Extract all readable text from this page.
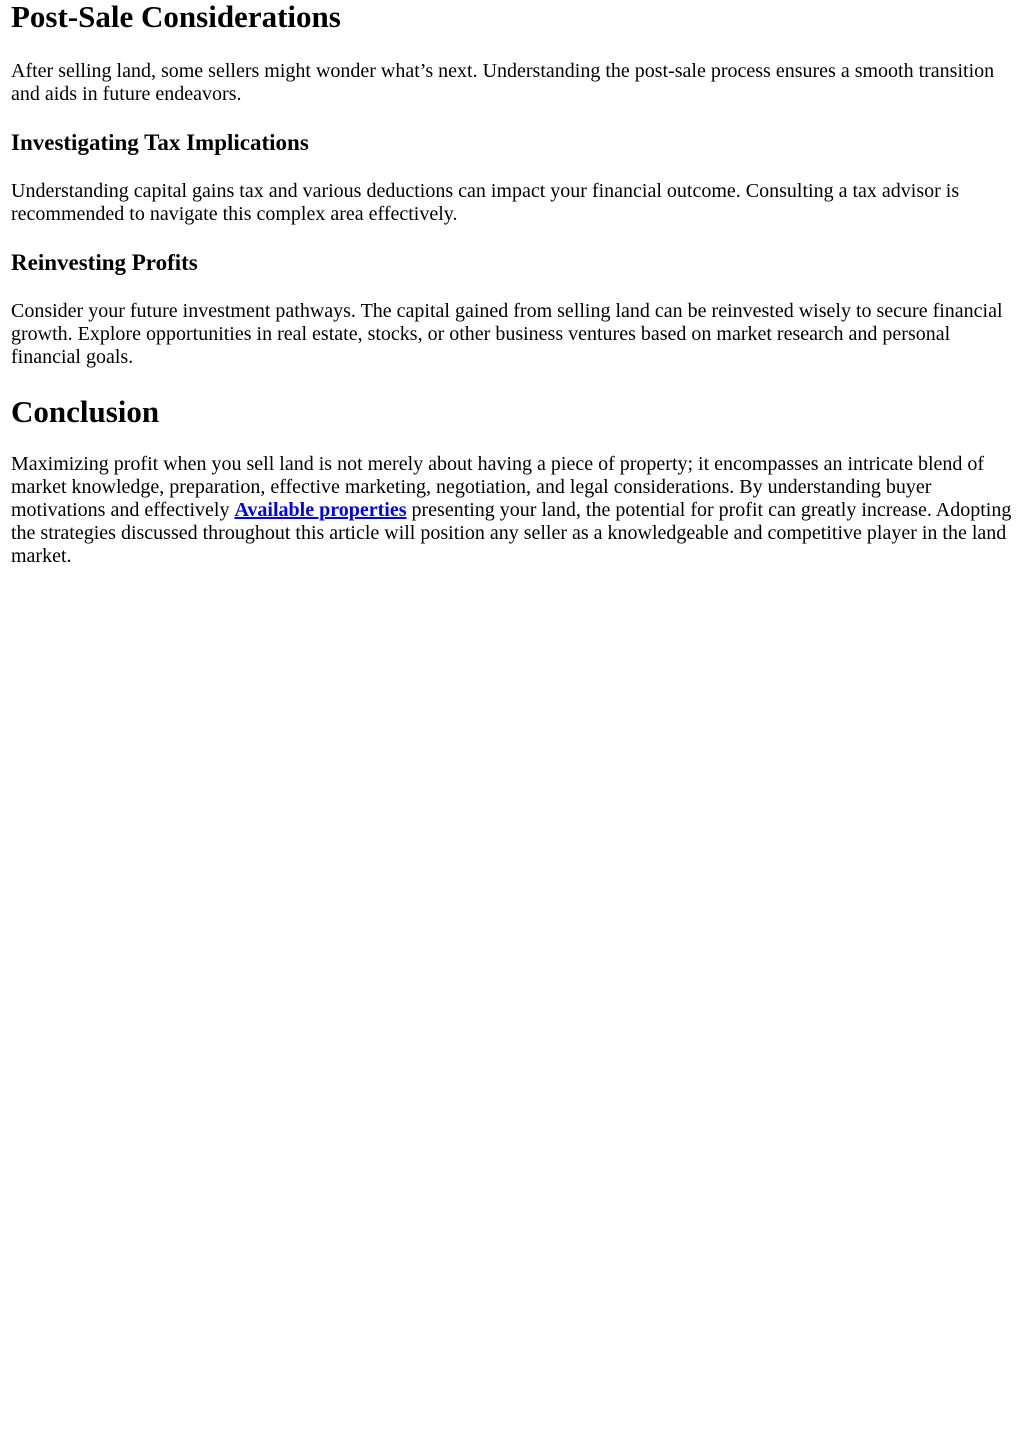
Post-Sale Considerations

After selling land, some sellers might wonder what’s next. Understanding the post-sale process ensures a smooth transition and aids in future endeavors.

Investigating Tax Implications

Understanding capital gains tax and various deductions can impact your financial outcome. Consulting a tax advisor is recommended to navigate this complex area effectively.

Reinvesting Profits

Consider your future investment pathways. The capital gained from selling land can be reinvested wisely to secure financial growth. Explore opportunities in real estate, stocks, or other business ventures based on market research and personal financial goals.

Conclusion

Maximizing profit when you sell land is not merely about having a piece of property; it encompasses an intricate blend of market knowledge, preparation, effective marketing, negotiation, and legal considerations. By understanding buyer motivations and effectively Available properties presenting your land, the potential for profit can greatly increase. Adopting the strategies discussed throughout this article will position any seller as a knowledgeable and competitive player in the land market.
